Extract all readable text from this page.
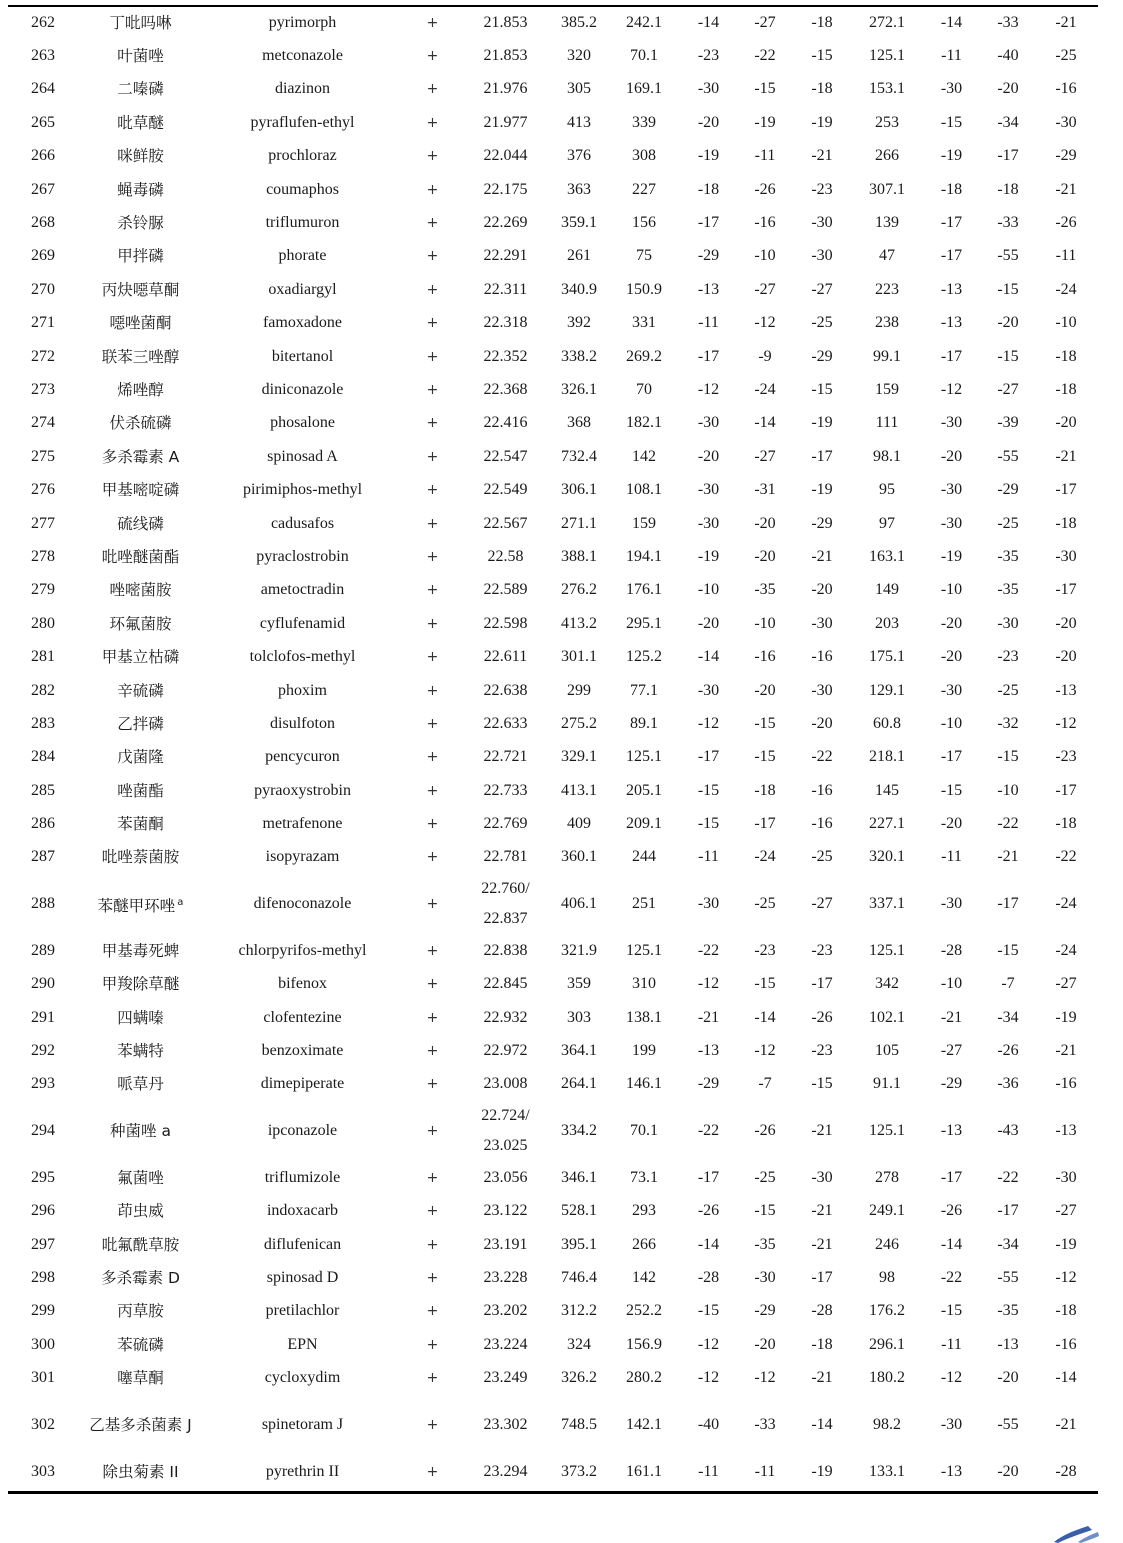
262	丁吡吗啉	pyrimorph	+	21.853	385.2	242.1	-14	-27	-18	272.1	-14	-33	-21
263	叶菌唑	metconazole	+	21.853	320	70.1	-23	-22	-15	125.1	-11	-40	-25
264	二嗪磷	diazinon	+	21.976	305	169.1	-30	-15	-18	153.1	-30	-20	-16
265	吡草醚	pyraflufen-ethyl	+	21.977	413	339	-20	-19	-19	253	-15	-34	-30
266	咪鲜胺	prochloraz	+	22.044	376	308	-19	-11	-21	266	-19	-17	-29
267	蝇毒磷	coumaphos	+	22.175	363	227	-18	-26	-23	307.1	-18	-18	-21
268	杀铃脲	triflumuron	+	22.269	359.1	156	-17	-16	-30	139	-17	-33	-26
269	甲拌磷	phorate	+	22.291	261	75	-29	-10	-30	47	-17	-55	-11
270	丙炔噁草酮	oxadiargyl	+	22.311	340.9	150.9	-13	-27	-27	223	-13	-15	-24
271	噁唑菌酮	famoxadone	+	22.318	392	331	-11	-12	-25	238	-13	-20	-10
272	联苯三唑醇	bitertanol	+	22.352	338.2	269.2	-17	-9	-29	99.1	-17	-15	-18
273	烯唑醇	diniconazole	+	22.368	326.1	70	-12	-24	-15	159	-12	-27	-18
274	伏杀硫磷	phosalone	+	22.416	368	182.1	-30	-14	-19	111	-30	-39	-20
275	多杀霉素 A	spinosad A	+	22.547	732.4	142	-20	-27	-17	98.1	-20	-55	-21
276	甲基嘧啶磷	pirimiphos-methyl	+	22.549	306.1	108.1	-30	-31	-19	95	-30	-29	-17
277	硫线磷	cadusafos	+	22.567	271.1	159	-30	-20	-29	97	-30	-25	-18
278	吡唑醚菌酯	pyraclostrobin	+	22.58	388.1	194.1	-19	-20	-21	163.1	-19	-35	-30
279	唑嘧菌胺	ametoctradin	+	22.589	276.2	176.1	-10	-35	-20	149	-10	-35	-17
280	环氟菌胺	cyflufenamid	+	22.598	413.2	295.1	-20	-10	-30	203	-20	-30	-20
281	甲基立枯磷	tolclofos-methyl	+	22.611	301.1	125.2	-14	-16	-16	175.1	-20	-23	-20
282	辛硫磷	phoxim	+	22.638	299	77.1	-30	-20	-30	129.1	-30	-25	-13
283	乙拌磷	disulfoton	+	22.633	275.2	89.1	-12	-15	-20	60.8	-10	-32	-12
284	戊菌隆	pencycuron	+	22.721	329.1	125.1	-17	-15	-22	218.1	-17	-15	-23
285	唑菌酯	pyraoxystrobin	+	22.733	413.1	205.1	-15	-18	-16	145	-15	-10	-17
286	苯菌酮	metrafenone	+	22.769	409	209.1	-15	-17	-16	227.1	-20	-22	-18
287	吡唑萘菌胺	isopyrazam	+	22.781	360.1	244	-11	-24	-25	320.1	-11	-21	-22
288	苯醚甲环唑 $^a$	difenoconazole	+	22.760/
22.837	406.1	251	-30	-25	-27	337.1	-30	-17	-24
289	甲基毒死蜱	chlorpyrifos-methyl	+	22.838	321.9	125.1	-22	-23	-23	125.1	-28	-15	-24
290	甲羧除草醚	bifenox	+	22.845	359	310	-12	-15	-17	342	-10	-7	-27
291	四螨嗪	clofentezine	+	22.932	303	138.1	-21	-14	-26	102.1	-21	-34	-19
292	苯螨特	benzoximate	+	22.972	364.1	199	-13	-12	-23	105	-27	-26	-21
293	哌草丹	dimepiperate	+	23.008	264.1	146.1	-29	-7	-15	91.1	-29	-36	-16
294	种菌唑 a	ipconazole	+	22.724/
23.025	334.2	70.1	-22	-26	-21	125.1	-13	-43	-13
295	氟菌唑	triflumizole	+	23.056	346.1	73.1	-17	-25	-30	278	-17	-22	-30
296	茚虫威	indoxacarb	+	23.122	528.1	293	-26	-15	-21	249.1	-26	-17	-27
297	吡氟酰草胺	diflufenican	+	23.191	395.1	266	-14	-35	-21	246	-14	-34	-19
298	多杀霉素 D	spinosad D	+	23.228	746.4	142	-28	-30	-17	98	-22	-55	-12
299	丙草胺	pretilachlor	+	23.202	312.2	252.2	-15	-29	-28	176.2	-15	-35	-18
300	苯硫磷	EPN	+	23.224	324	156.9	-12	-20	-18	296.1	-11	-13	-16
301	噻草酮	cycloxydim	+	23.249	326.2	280.2	-12	-12	-21	180.2	-12	-20	-14
302	乙基多杀菌素 J	spinetoram J	+	23.302	748.5	142.1	-40	-33	-14	98.2	-30	-55	-21
303	除虫菊素 II	pyrethrin II	+	23.294	373.2	161.1	-11	-11	-19	133.1	-13	-20	-28
